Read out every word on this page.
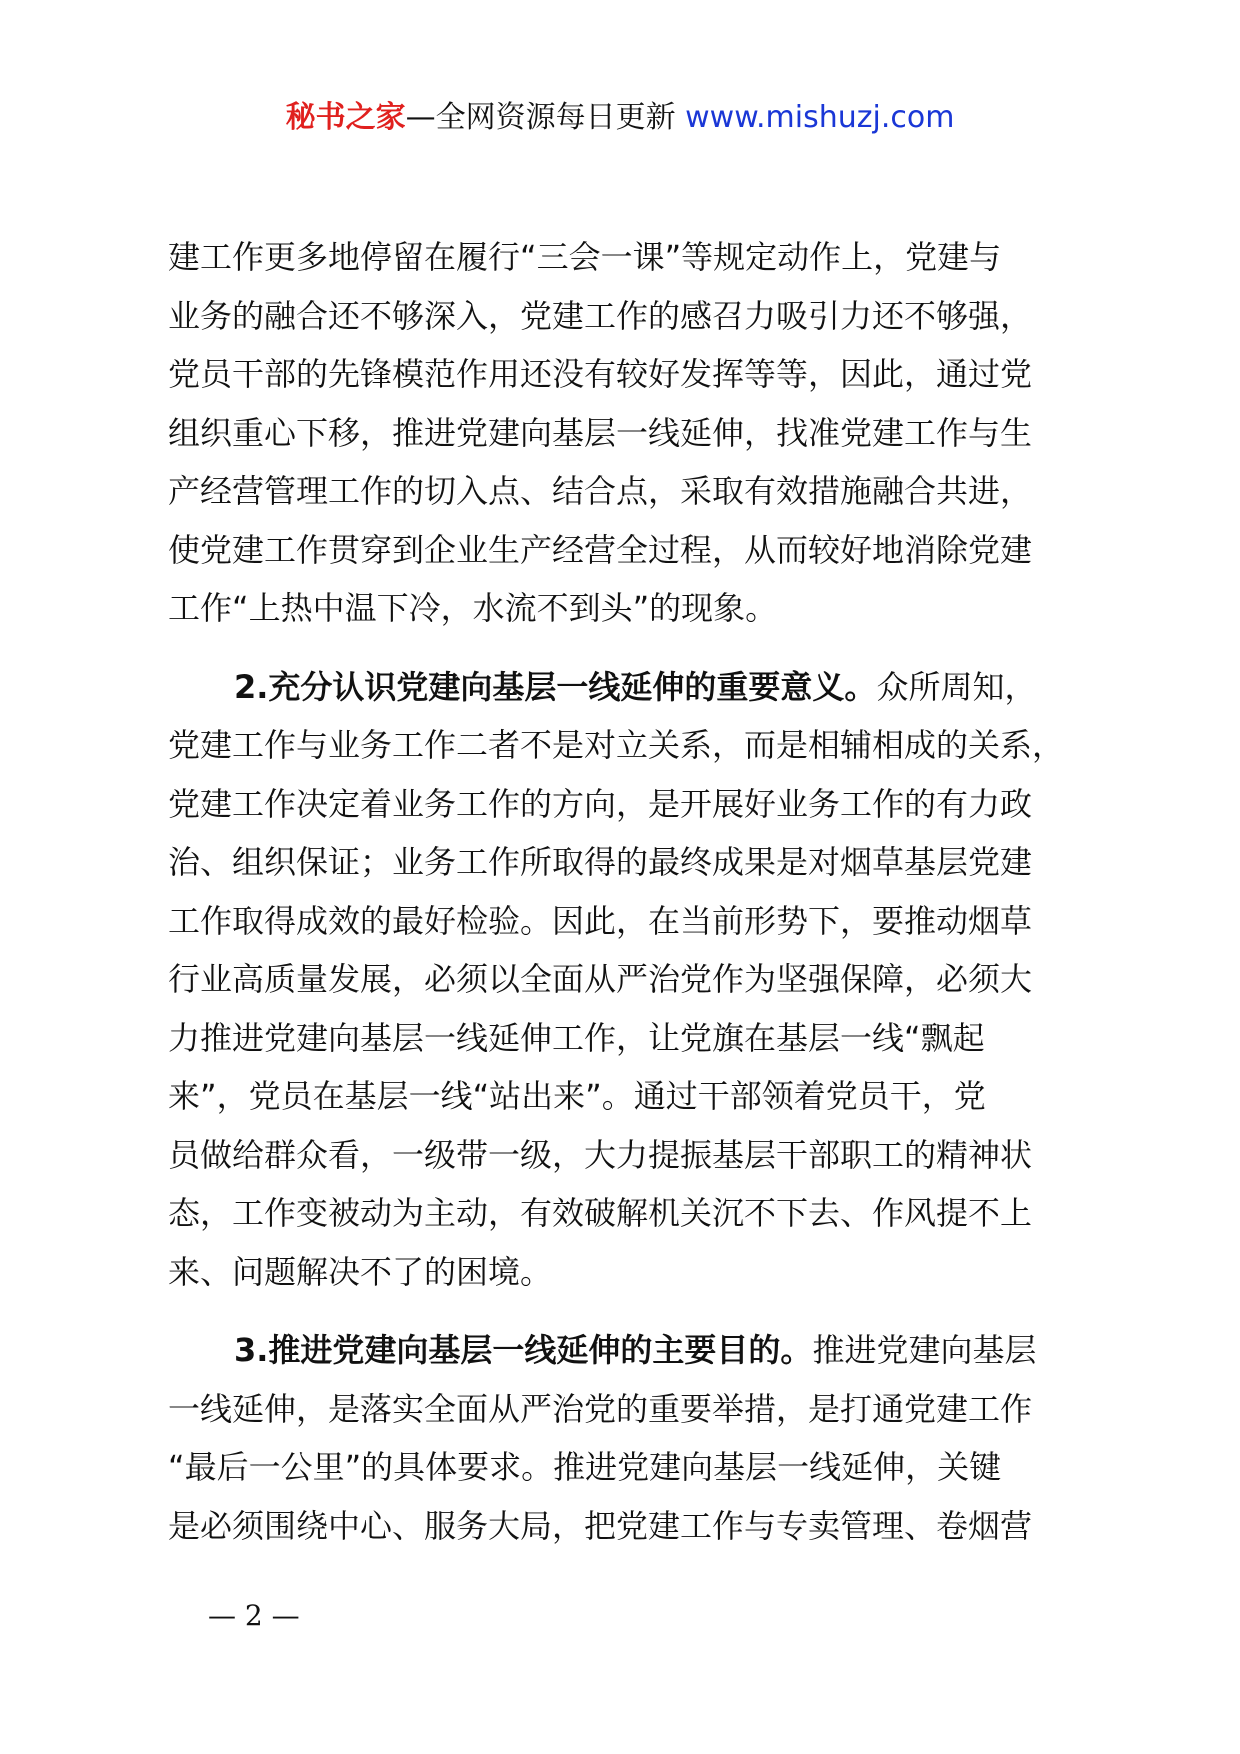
秘书之家—全网资源每日更新 www.mishuzj.com

建工作更多地停留在履行“三会一课”等规定动作上，党建与
业务的融合还不够深入，党建工作的感召力吸引力还不够强，
党员干部的先锋模范作用还没有较好发挥等等，因此，通过党
组织重心下移，推进党建向基层一线延伸，找准党建工作与生
产经营管理工作的切入点、结合点，采取有效措施融合共进，
使党建工作贯穿到企业生产经营全过程，从而较好地消除党建
工作“上热中温下冷，水流不到头”的现象。

2.充分认识党建向基层一线延伸的重要意义。众所周知，
党建工作与业务工作二者不是对立关系，而是相辅相成的关系，
党建工作决定着业务工作的方向，是开展好业务工作的有力政
治、组织保证；业务工作所取得的最终成果是对烟草基层党建
工作取得成效的最好检验。因此，在当前形势下，要推动烟草
行业高质量发展，必须以全面从严治党作为坚强保障，必须大
力推进党建向基层一线延伸工作，让党旗在基层一线“飘起
来”，党员在基层一线“站出来”。通过干部领着党员干，党
员做给群众看，一级带一级，大力提振基层干部职工的精神状
态，工作变被动为主动，有效破解机关沉不下去、作风提不上
来、问题解决不了的困境。

3.推进党建向基层一线延伸的主要目的。推进党建向基层
一线延伸，是落实全面从严治党的重要举措，是打通党建工作
“最后一公里”的具体要求。推进党建向基层一线延伸，关键
是必须围绕中心、服务大局，把党建工作与专卖管理、卷烟营

— 2 —
